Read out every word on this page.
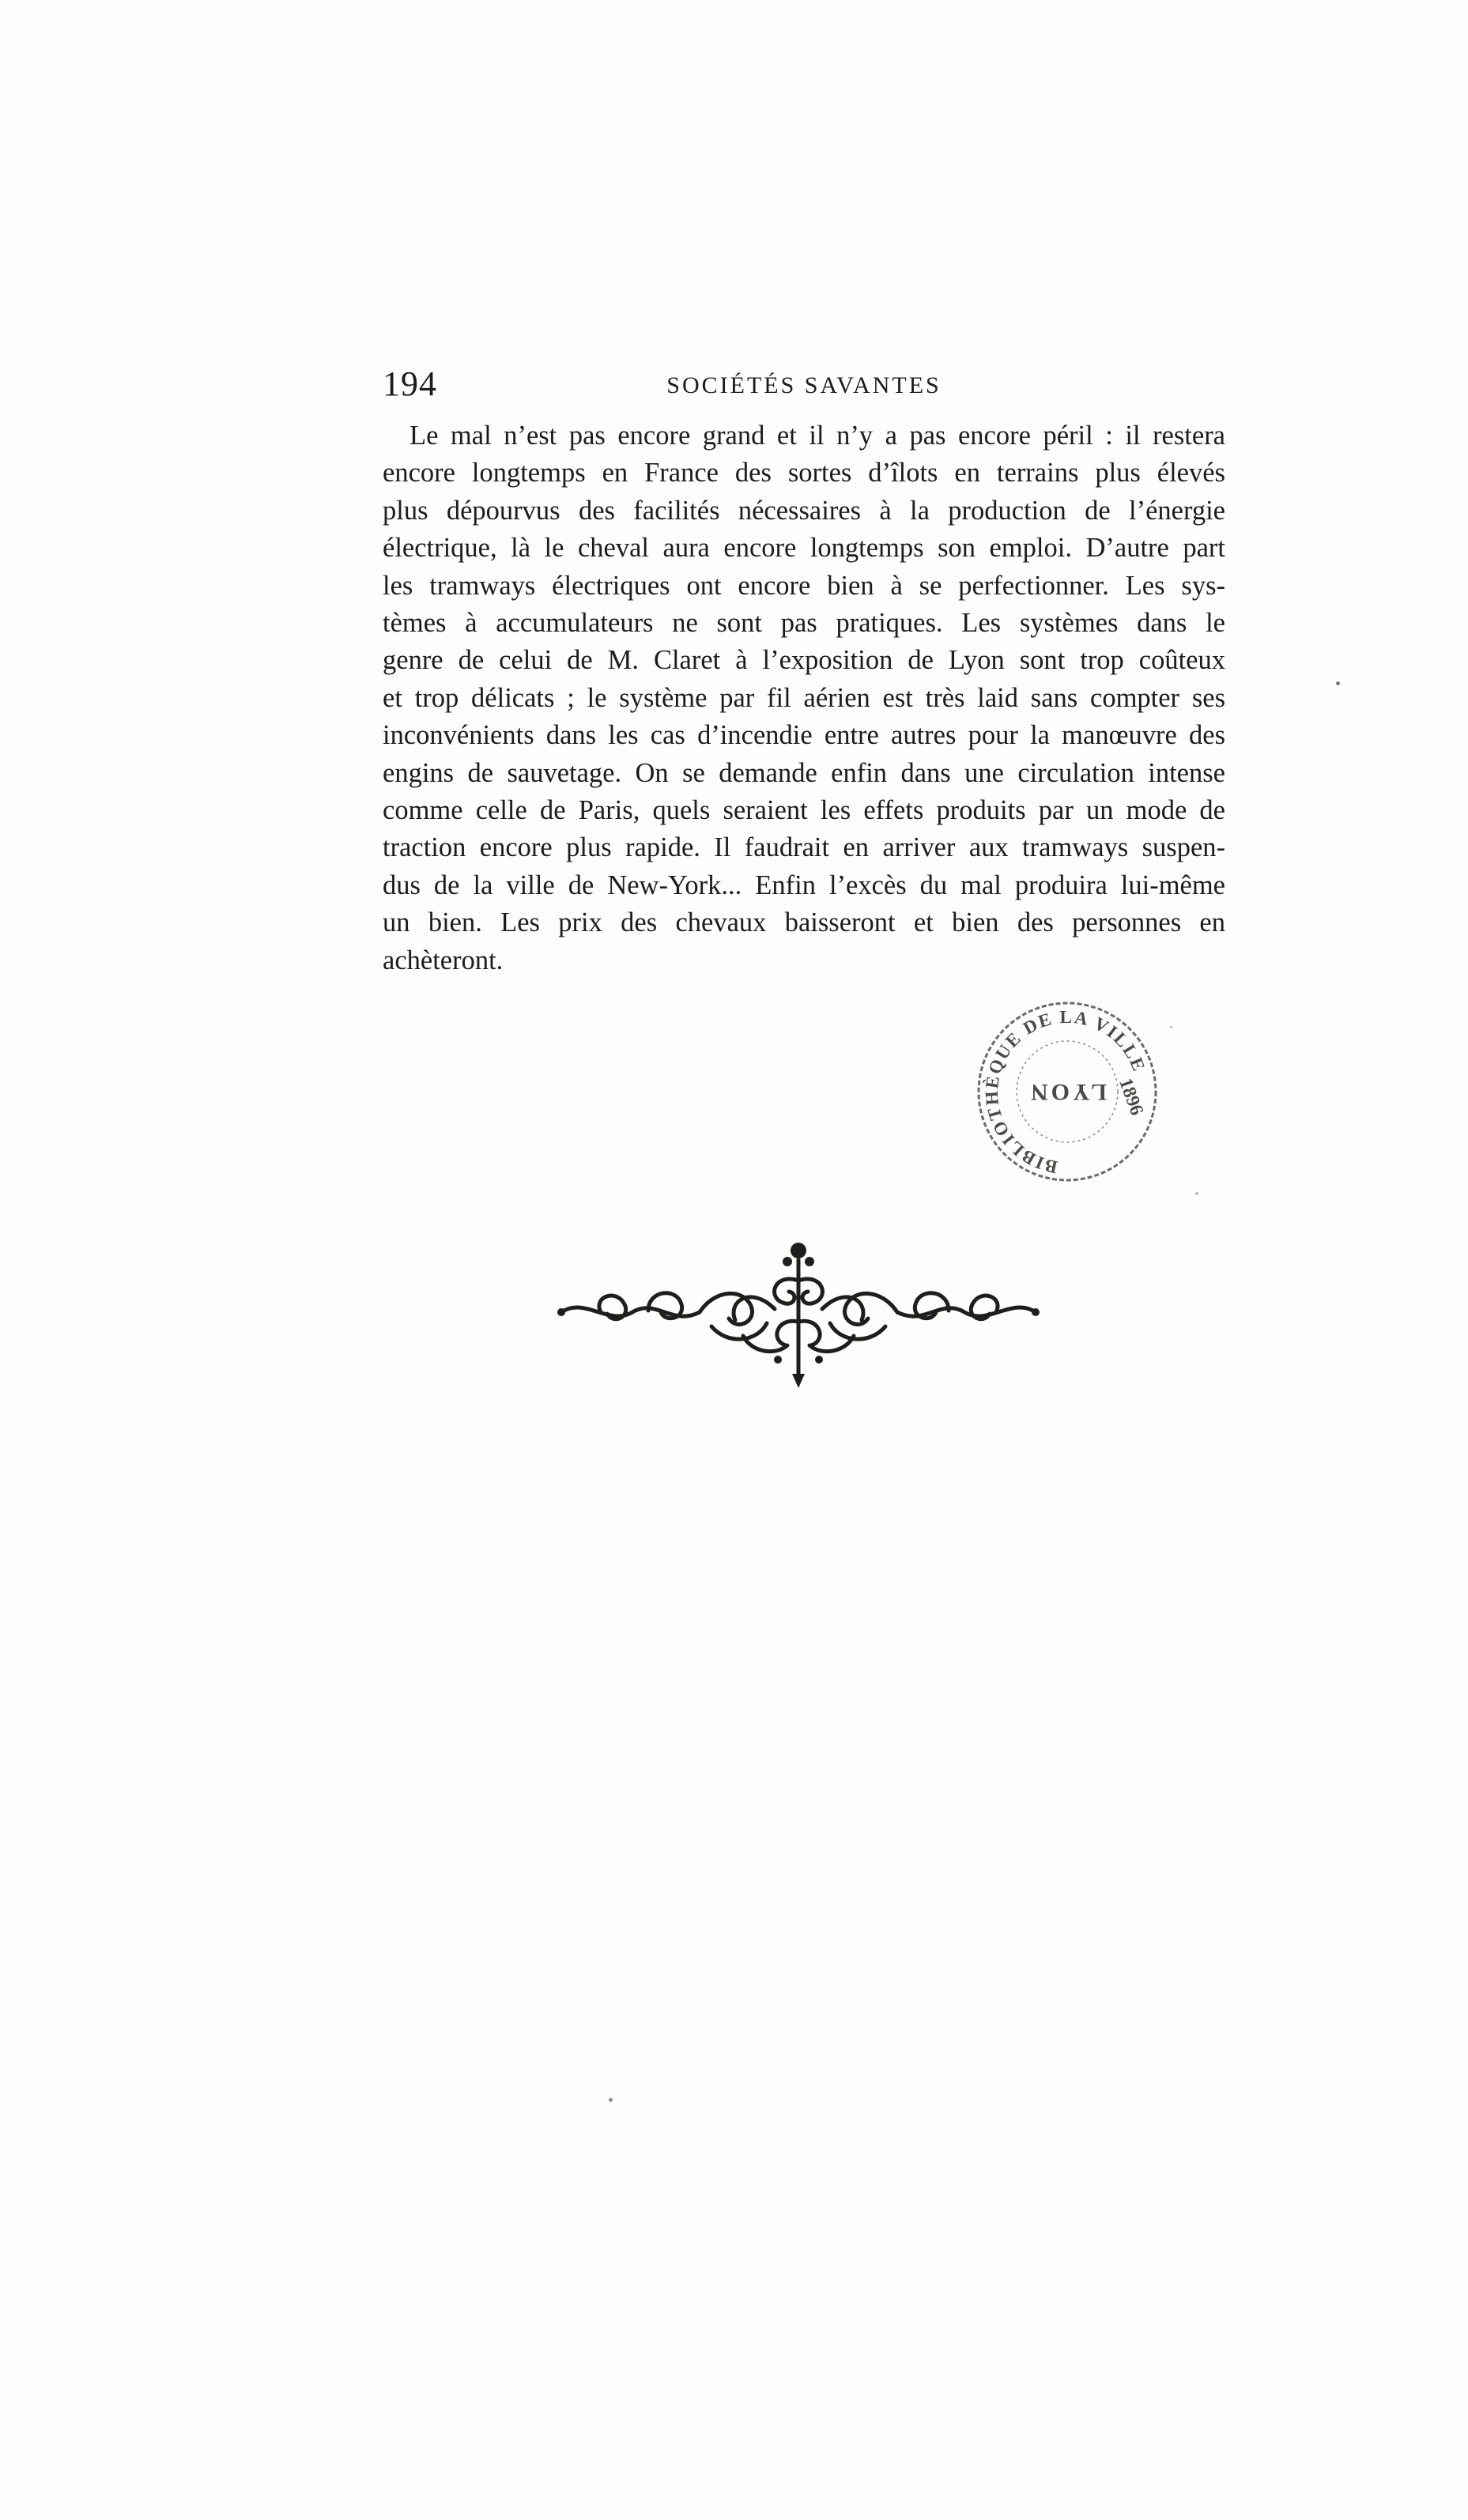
194	SOCIÉTÉS SAVANTES

Le mal n’est pas encore grand et il n’y a pas encore péril : il restera
encore longtemps en France des sortes d’îlots en terrains plus élevés
plus dépourvus des facilités nécessaires à la production de l’énergie
électrique, là le cheval aura encore longtemps son emploi. D’autre part
les tramways électriques ont encore bien à se perfectionner. Les sys-
tèmes à accumulateurs ne sont pas pratiques. Les systèmes dans le
genre de celui de M. Claret à l’exposition de Lyon sont trop coûteux
et trop délicats ; le système par fil aérien est très laid sans compter ses
inconvénients dans les cas d’incendie entre autres pour la manœuvre des
engins de sauvetage. On se demande enfin dans une circulation intense
comme celle de Paris, quels seraient les effets produits par un mode de
traction encore plus rapide. Il faudrait en arriver aux tramways suspen-
dus de la ville de New-York... Enfin l’excès du mal produira lui-même
un bien. Les prix des chevaux baisseront et bien des personnes en
achèteront.

BIBLIOTHÈQUE DE LA VILLE
1896
LYON
